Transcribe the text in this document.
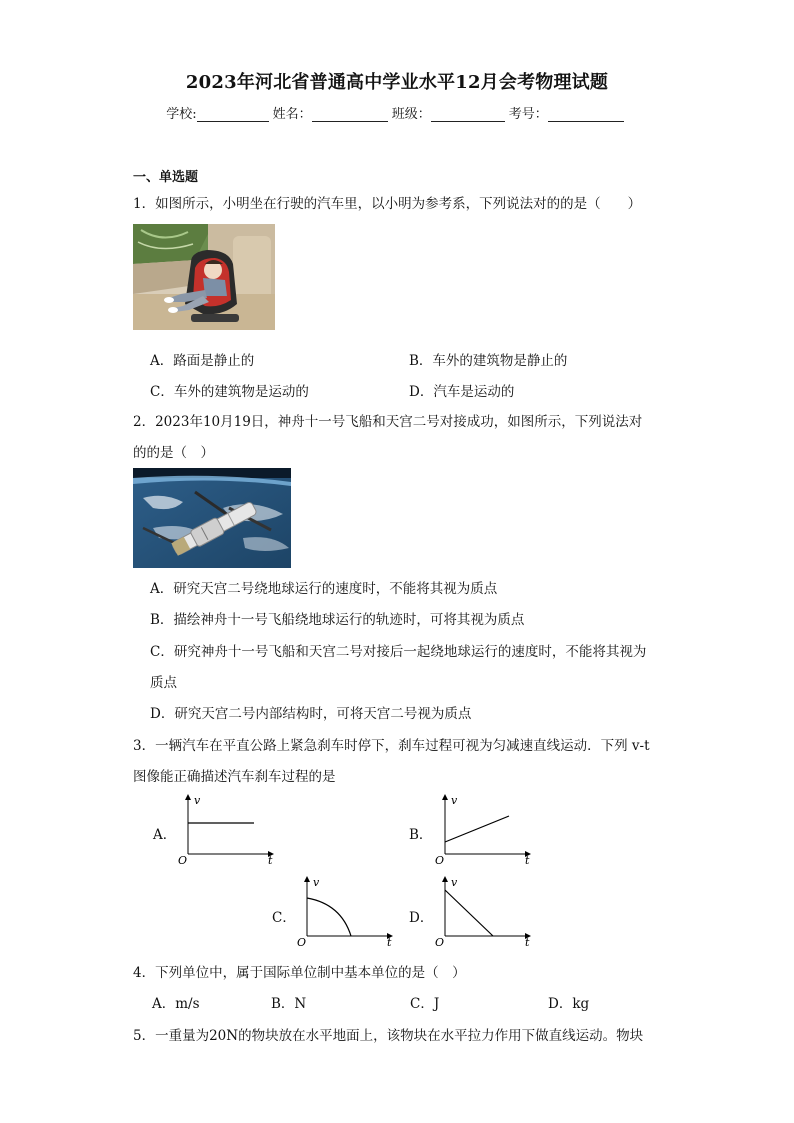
2023年河北省普通高中学业水平12月会考物理试题
学校:	姓名：	班级：	考号：
一、单选题
1．如图所示，小明坐在行驶的汽车里，以小明为参考系，下列说法对的的是（　　）
A．路面是静止的	B．车外的建筑物是静止的
C．车外的建筑物是运动的	D．汽车是运动的
2．2023年10月19日，神舟十一号飞船和天宫二号对接成功，如图所示，下列说法对
的的是（　）
A．研究天宫二号绕地球运行的速度时，不能将其视为质点
B．描绘神舟十一号飞船绕地球运行的轨迹时，可将其视为质点
C．研究神舟十一号飞船和天宫二号对接后一起绕地球运行的速度时，不能将其视为
质点
D．研究天宫二号内部结构时，可将天宫二号视为质点
3．一辆汽车在平直公路上紧急刹车时停下，刹车过程可视为匀减速直线运动．下列 v-t
图像能正确描述汽车刹车过程的是
A．
v
t
O
B．
v
t
O
C．
v
t
O
D．
v
t
O
4．下列单位中，属于国际单位制中基本单位的是（　）
A．m/s	B．N	C．J	D．kg
5．一重量为20N的物块放在水平地面上，该物块在水平拉力作用下做直线运动。物块
